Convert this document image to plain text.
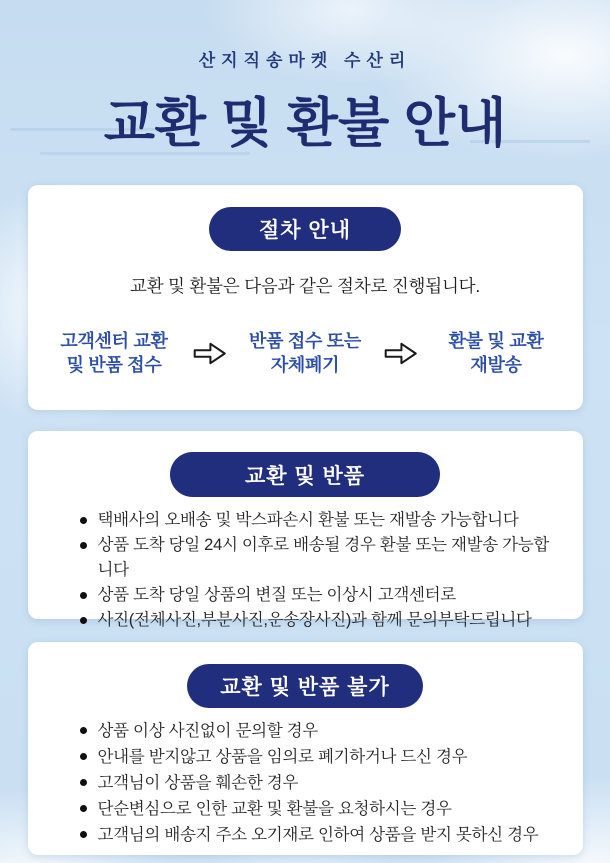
산지직송마켓 수산리
교환 및 환불 안내
절차 안내

교환 및 환불은 다음과 같은 절차로 진행됩니다.

고객센터 교환
및 반품 접수
반품 접수 또는
자체폐기
환불 및 교환
재발송
교환 및 반품
택배사의 오배송 및 박스파손시 환불 또는 재발송 가능합니다
상품 도착 당일 24시 이후로 배송될 경우 환불 또는 재발송 가능합니다
상품 도착 당일 상품의 변질 또는 이상시 고객센터로
사진(전체사진,부분사진,운송장사진)과 함께 문의부탁드립니다
교환 및 반품 불가
상품 이상 사진없이 문의할 경우
안내를 받지않고 상품을 임의로 폐기하거나 드신 경우
고객님이 상품을 훼손한 경우
단순변심으로 인한 교환 및 환불을 요청하시는 경우
고객님의 배송지 주소 오기재로 인하여 상품을 받지 못하신 경우
